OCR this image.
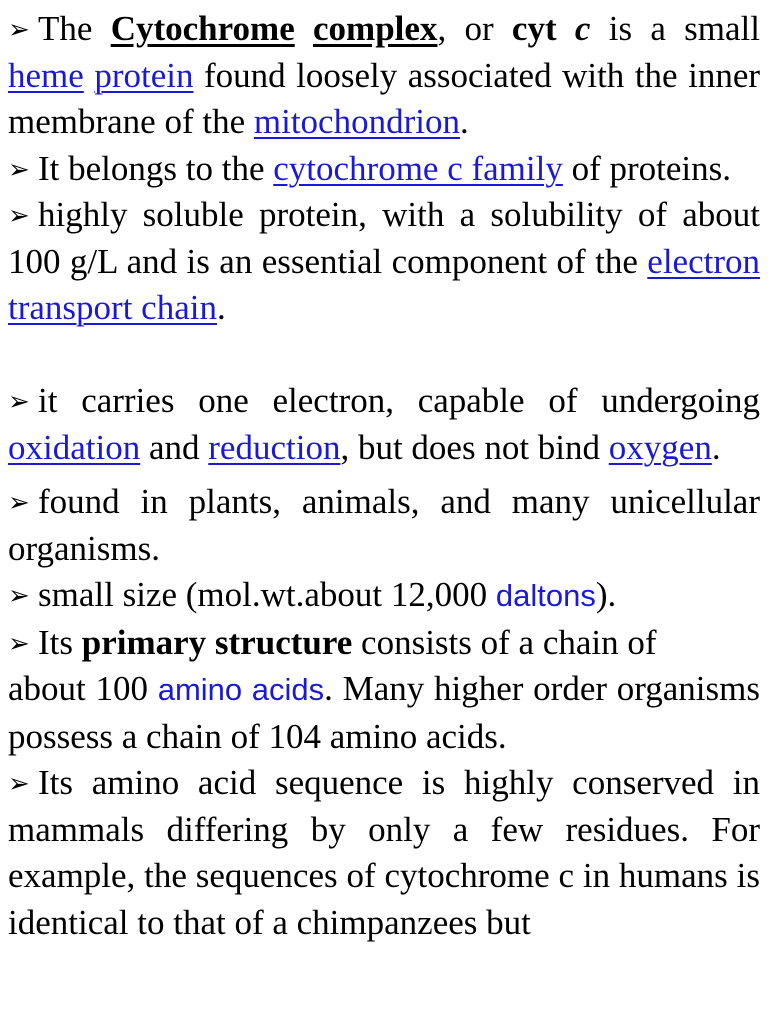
➢ The Cytochrome complex, or cyt c is a small heme protein found loosely associated with the inner membrane of the mitochondrion.

➢ It belongs to the cytochrome c family of proteins.

➢ highly soluble protein, with a solubility of about 100 g/L and is an essential component of the electron transport chain.

➢ it carries one electron, capable of undergoing oxidation and reduction, but does not bind oxygen.

➢ found in plants, animals, and many unicellular organisms.

➢ small size (mol.wt.about 12,000 daltons).

➢ Its primary structure consists of a chain of

about 100 amino acids. Many higher order organisms possess a chain of 104 amino acids.

➢ Its amino acid sequence is highly conserved in mammals differing by only a few residues. For example, the sequences of cytochrome c in humans is identical to that of a chimpanzees but
